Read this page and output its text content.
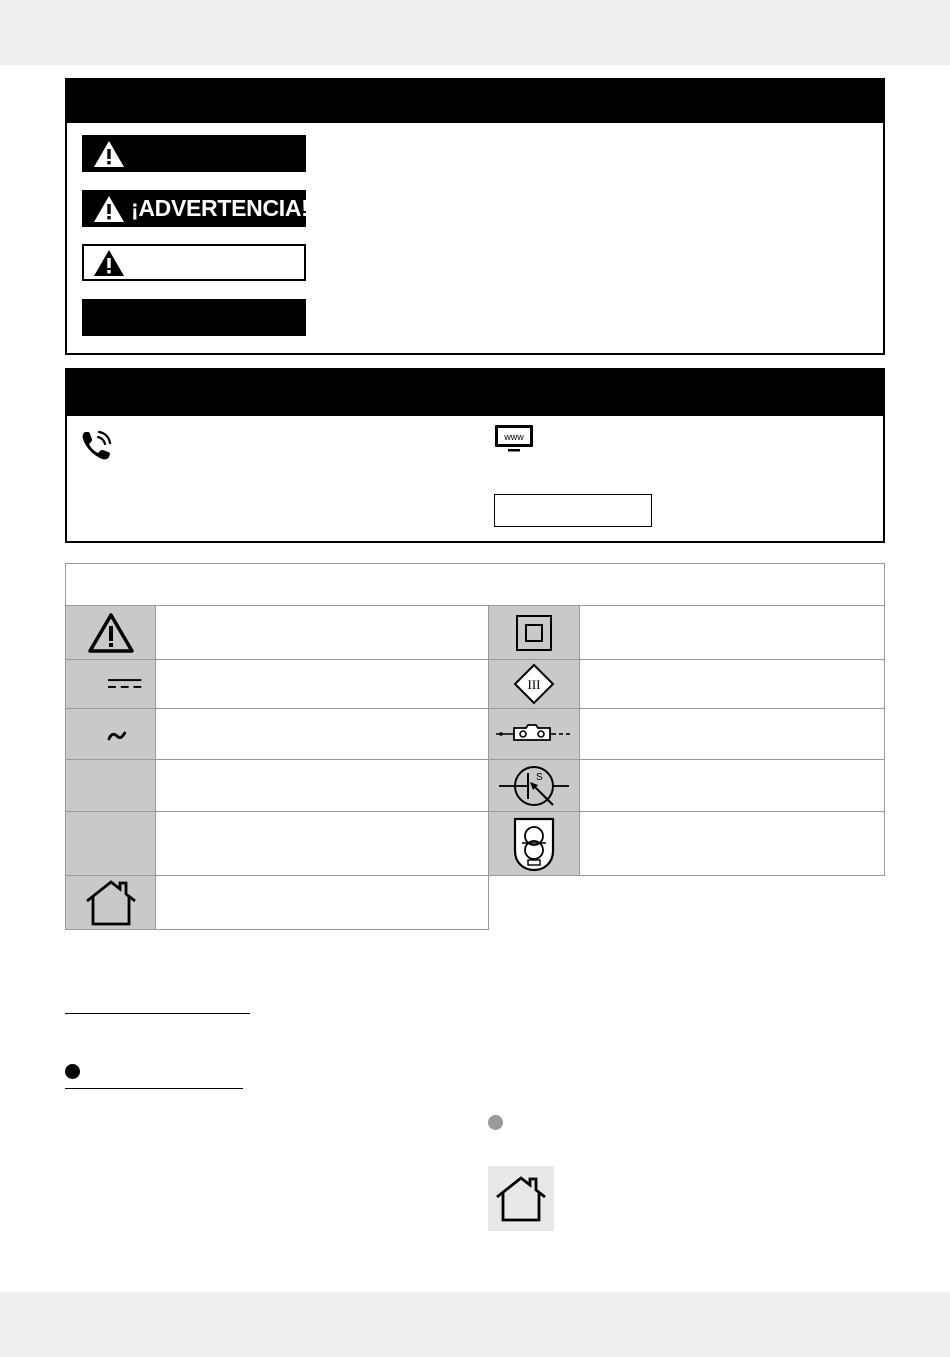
¡ADVERTENCIA!
www
III
S
